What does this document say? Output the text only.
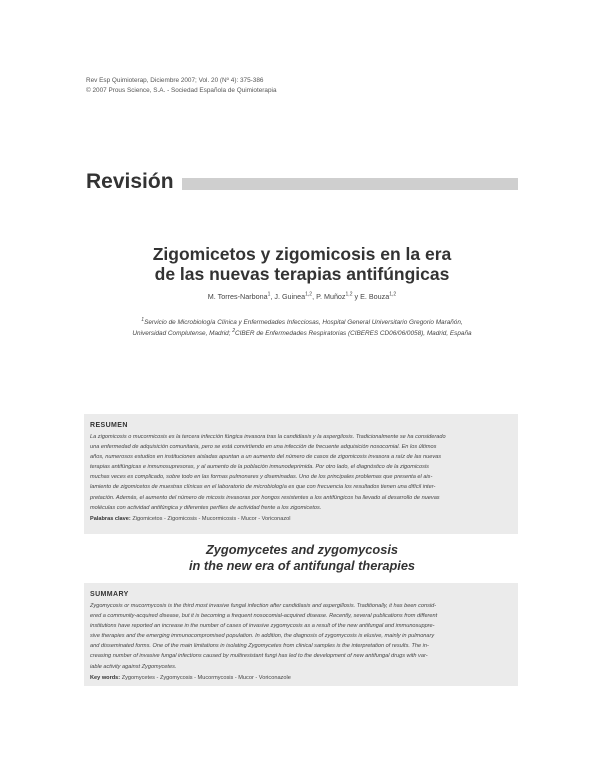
Rev Esp Quimioterap, Diciembre 2007; Vol. 20 (Nº 4): 375-386
© 2007 Prous Science, S.A. - Sociedad Española de Quimioterapia
Revisión
Zigomicetos y zigomicosis en la era
de las nuevas terapias antifúngicas
M. Torres-Narbona$^1$, J. Guinea$^{1,2}$, P. Muñoz$^{1,2}$ y E. Bouza$^{1,2}$
$^1$Servicio de Microbiología Clínica y Enfermedades Infecciosas, Hospital General Universitario Gregorio Marañón,
Universidad Complutense, Madrid; $^2$CIBER de Enfermedades Respiratorias (CIBERES CD06/06/0058), Madrid, España
RESUMEN
La zigomicosis o mucormicosis es la tercera infección fúngica invasora tras la candidiasis y la aspergilosis. Tradicionalmente se ha considerado
una enfermedad de adquisición comunitaria, pero se está convirtiendo en una infección de frecuente adquisición nosocomial. En los últimos
años, numerosos estudios en instituciones aisladas apuntan a un aumento del número de casos de zigomicosis invasora a raíz de las nuevas
terapias antifúngicas e inmunosupresoras, y al aumento de la población inmunodeprimida. Por otro lado, el diagnóstico de la zigomicosis
muchas veces es complicado, sobre todo en las formas pulmonares y diseminadas. Uno de los principales problemas que presenta el ais-
lamiento de zigomicetos de muestras clínicas en el laboratorio de microbiología es que con frecuencia los resultados tienen una difícil inter-
pretación. Además, el aumento del número de micosis invasoras por hongos resistentes a los antifúngicos ha llevado al desarrollo de nuevas
moléculas con actividad antifúngica y diferentes perfiles de actividad frente a los zigomicetos.
Palabras clave: Zigomicetos - Zigomicosis - Mucormicosis - Mucor - Voriconazol
Zygomycetes and zygomycosis
in the new era of antifungal therapies
SUMMARY
Zygomycosis or mucormycosis is the third most invasive fungal infection after candidiasis and aspergillosis. Traditionally, it has been consid-
ered a community-acquired disease, but it is becoming a frequent nosocomial-acquired disease. Recently, several publications from different
institutions have reported an increase in the number of cases of invasive zygomycosis as a result of the new antifungal and immunosuppre-
sive therapies and the emerging immunocompromised population. In addition, the diagnosis of zygomycosis is elusive, mainly in pulmonary
and disseminated forms. One of the main limitations in isolating Zygomycetes from clinical samples is the interpretation of results. The in-
creasing number of invasive fungal infections caused by multiresistant fungi has led to the development of new antifungal drugs with var-
iable activity against Zygomycetes.
Key words: Zygomycetes - Zygomycosis - Mucormycosis - Mucor - Voriconazole
